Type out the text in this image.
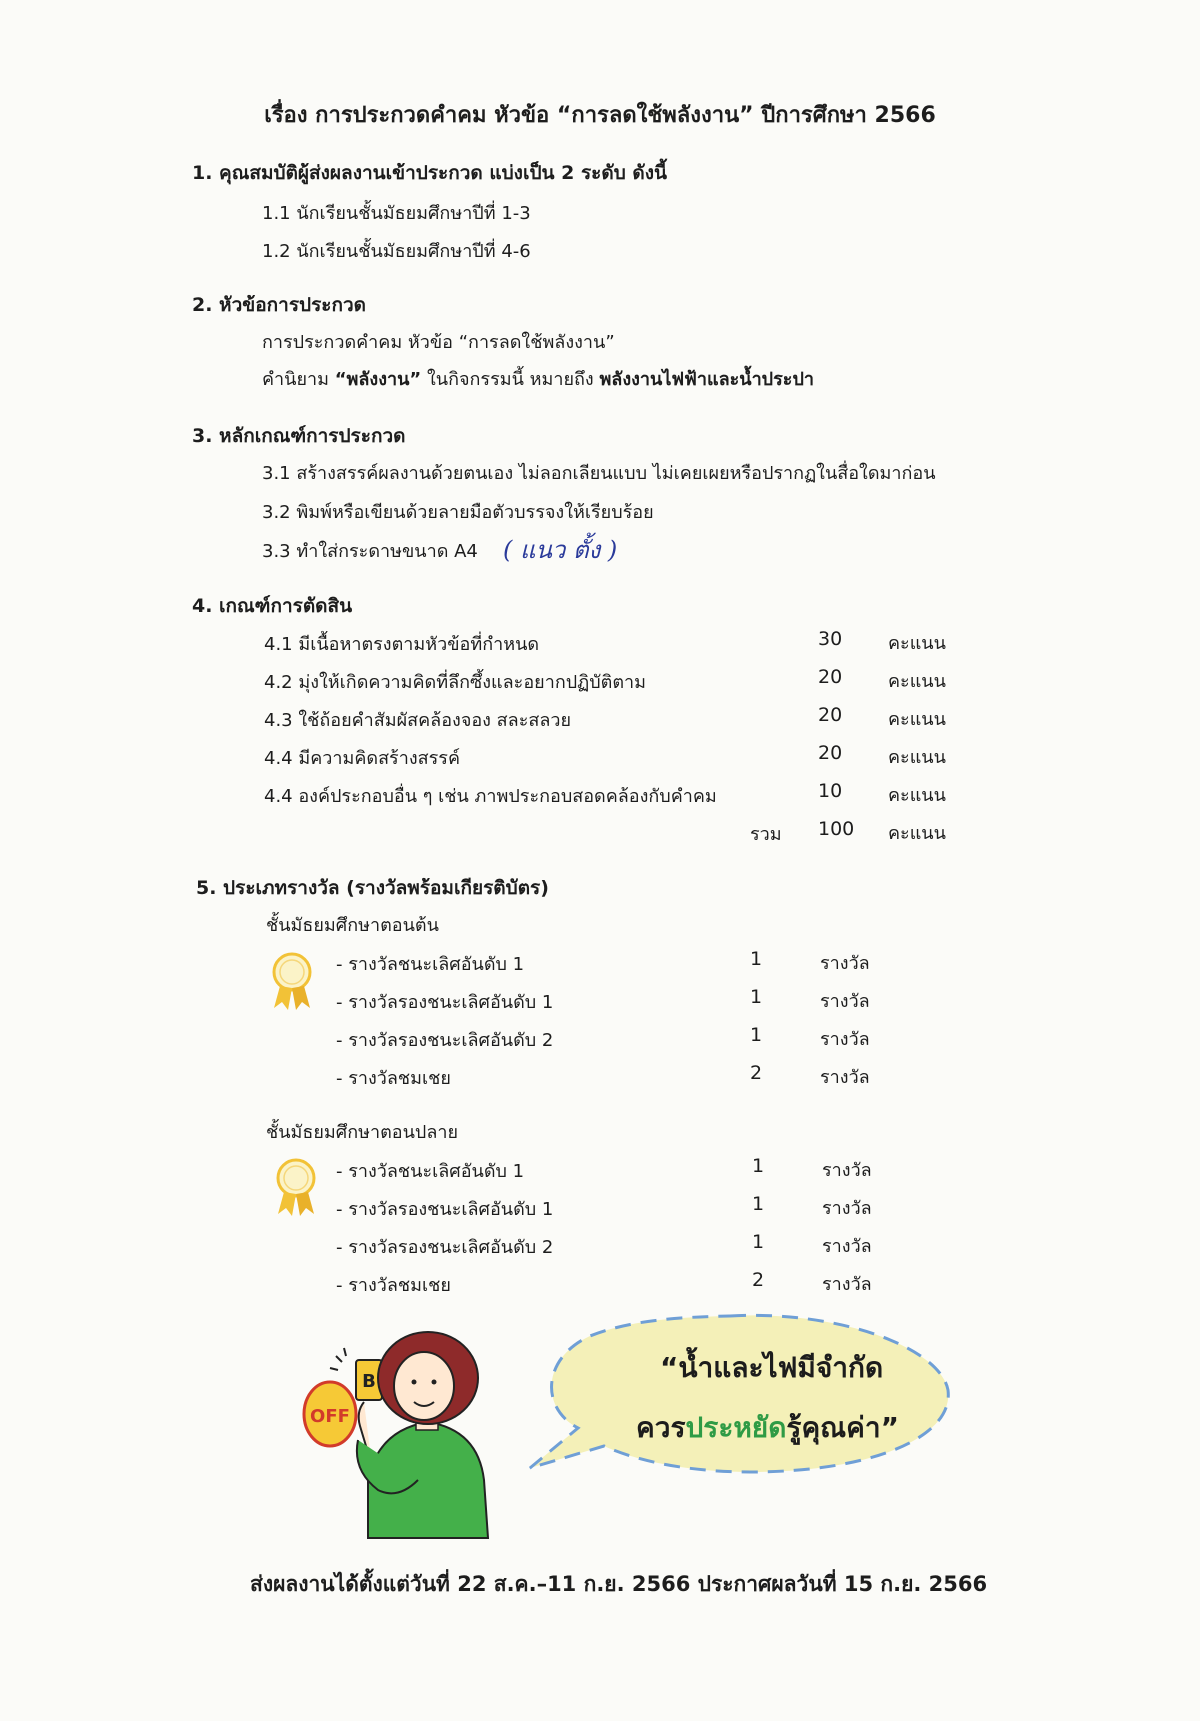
เรื่อง การประกวดคำคม หัวข้อ “การลดใช้พลังงาน” ปีการศึกษา 2566
1. คุณสมบัติผู้ส่งผลงานเข้าประกวด แบ่งเป็น 2 ระดับ ดังนี้
1.1 นักเรียนชั้นมัธยมศึกษาปีที่ 1-3
1.2 นักเรียนชั้นมัธยมศึกษาปีที่ 4-6
2. หัวข้อการประกวด
การประกวดคำคม หัวข้อ “การลดใช้พลังงาน”
คำนิยาม “พลังงาน” ในกิจกรรมนี้ หมายถึง พลังงานไฟฟ้าและน้ำประปา
3. หลักเกณฑ์การประกวด
3.1 สร้างสรรค์ผลงานด้วยตนเอง ไม่ลอกเลียนแบบ ไม่เคยเผยหรือปรากฏในสื่อใดมาก่อน
3.2 พิมพ์หรือเขียนด้วยลายมือตัวบรรจงให้เรียบร้อย
3.3 ทำใส่กระดาษขนาด A4 ( แนว ตั้ง )
4. เกณฑ์การตัดสิน
4.1 มีเนื้อหาตรงตามหัวข้อที่กำหนด	30	คะแนน
4.2 มุ่งให้เกิดความคิดที่ลึกซึ้งและอยากปฏิบัติตาม	20	คะแนน
4.3 ใช้ถ้อยคำสัมผัสคล้องจอง สละสลวย	20	คะแนน
4.4 มีความคิดสร้างสรรค์	20	คะแนน
4.4 องค์ประกอบอื่น ๆ เช่น ภาพประกอบสอดคล้องกับคำคม	10	คะแนน
รวม 100 คะแนน
5. ประเภทรางวัล (รางวัลพร้อมเกียรติบัตร)
ชั้นมัธยมศึกษาตอนต้น
- รางวัลชนะเลิศอันดับ 1	1	รางวัล
- รางวัลรองชนะเลิศอันดับ 1	1	รางวัล
- รางวัลรองชนะเลิศอันดับ 2	1	รางวัล
- รางวัลชมเชย	2	รางวัล
ชั้นมัธยมศึกษาตอนปลาย
- รางวัลชนะเลิศอันดับ 1	1	รางวัล
- รางวัลรองชนะเลิศอันดับ 1	1	รางวัล
- รางวัลรองชนะเลิศอันดับ 2	1	รางวัล
- รางวัลชมเชย	2	รางวัล
OFF
B	“น้ำและไฟมีจำกัด
ควรประหยัดรู้คุณค่า”
ส่งผลงานได้ตั้งแต่วันที่ 22 ส.ค.–11 ก.ย. 2566 ประกาศผลวันที่ 15 ก.ย. 2566
